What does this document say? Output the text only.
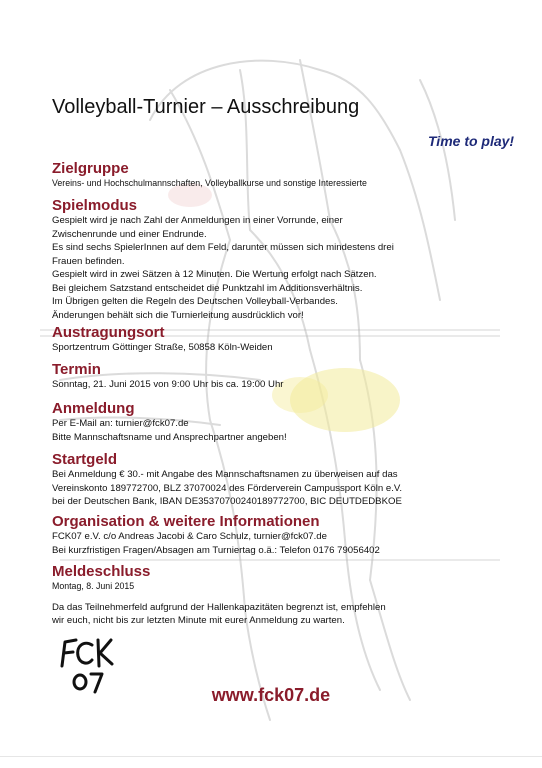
Volleyball-Turnier – Ausschreibung
Time to play!
Zielgruppe
Vereins- und Hochschulmannschaften, Volleyballkurse und sonstige Interessierte
Spielmodus
Gespielt wird je nach Zahl der Anmeldungen in einer Vorrunde, einer
Zwischenrunde und einer Endrunde.
Es sind sechs SpielerInnen auf dem Feld, darunter müssen sich mindestens drei
Frauen befinden.
Gespielt wird in zwei Sätzen à 12 Minuten. Die Wertung erfolgt nach Sätzen.
Bei gleichem Satzstand entscheidet die Punktzahl im Additionsverhältnis.
Im Übrigen gelten die Regeln des Deutschen Volleyball-Verbandes.
Änderungen behält sich die Turnierleitung ausdrücklich vor!
Austragungsort
Sportzentrum Göttinger Straße, 50858 Köln-Weiden
Termin
Sonntag, 21. Juni 2015 von 9:00 Uhr bis ca. 19:00 Uhr
Anmeldung
Per E-Mail an: turnier@fck07.de
Bitte Mannschaftsname und Ansprechpartner angeben!
Startgeld
Bei Anmeldung € 30.- mit Angabe des Mannschaftsnamen zu überweisen auf das
Vereinskonto 189772700, BLZ 37070024 des Förderverein Campussport Köln e.V.
bei der Deutschen Bank, IBAN DE35370700240189772700, BIC DEUTDEDBKOE
Organisation & weitere Informationen
FCK07 e.V. c/o Andreas Jacobi & Caro Schulz, turnier@fck07.de
Bei kurzfristigen Fragen/Absagen am Turniertag o.ä.: Telefon 0176 79056402
Meldeschluss
Montag, 8. Juni 2015
Da das Teilnehmerfeld aufgrund der Hallenkapazitäten begrenzt ist, empfehlen
wir euch, nicht bis zur letzten Minute mit eurer Anmeldung zu warten.
www.fck07.de
